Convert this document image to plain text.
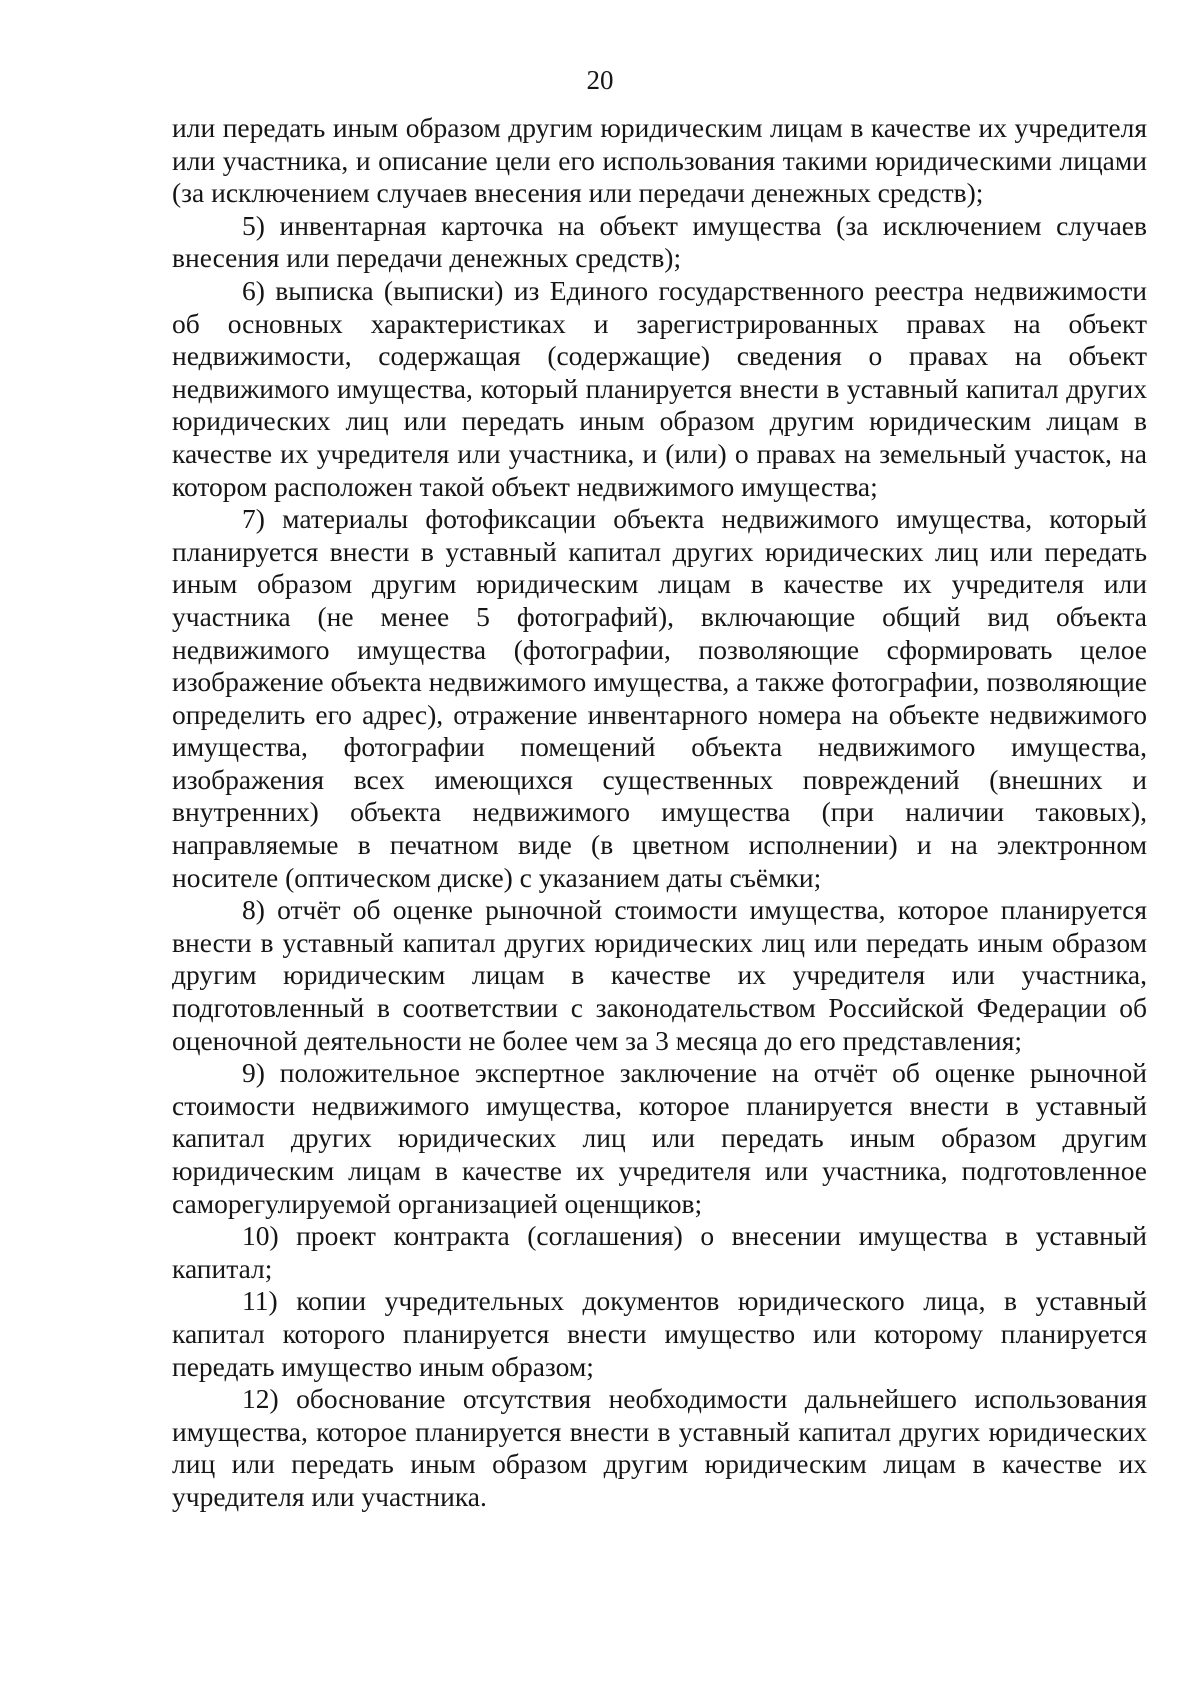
20

или передать иным образом другим юридическим лицам в качестве их учредителя или участника, и описание цели его использования такими юридическими лицами (за исключением случаев внесения или передачи денежных средств);

5) инвентарная карточка на объект имущества (за исключением случаев внесения или передачи денежных средств);

6) выписка (выписки) из Единого государственного реестра недвижимости об основных характеристиках и зарегистрированных правах на объект недвижимости, содержащая (содержащие) сведения о правах на объект недвижимого имущества, который планируется внести в уставный капитал других юридических лиц или передать иным образом другим юридическим лицам в качестве их учредителя или участника, и (или) о правах на земельный участок, на котором расположен такой объект недвижимого имущества;

7) материалы фотофиксации объекта недвижимого имущества, который планируется внести в уставный капитал других юридических лиц или передать иным образом другим юридическим лицам в качестве их учредителя или участника (не менее 5 фотографий), включающие общий вид объекта недвижимого имущества (фотографии, позволяющие сформировать целое изображение объекта недвижимого имущества, а также фотографии, позволяющие определить его адрес), отражение инвентарного номера на объекте недвижимого имущества, фотографии помещений объекта недвижимого имущества, изображения всех имеющихся существенных повреждений (внешних и внутренних) объекта недвижимого имущества (при наличии таковых), направляемые в печатном виде (в цветном исполнении) и на электронном носителе (оптическом диске) с указанием даты съёмки;

8) отчёт об оценке рыночной стоимости имущества, которое планируется внести в уставный капитал других юридических лиц или передать иным образом другим юридическим лицам в качестве их учредителя или участника, подготовленный в соответствии с законодательством Российской Федерации об оценочной деятельности не более чем за 3 месяца до его представления;

9) положительное экспертное заключение на отчёт об оценке рыночной стоимости недвижимого имущества, которое планируется внести в уставный капитал других юридических лиц или передать иным образом другим юридическим лицам в качестве их учредителя или участника, подготовленное саморегулируемой организацией оценщиков;

10) проект контракта (соглашения) о внесении имущества в уставный капитал;

11) копии учредительных документов юридического лица, в уставный капитал которого планируется внести имущество или которому планируется передать имущество иным образом;

12) обоснование отсутствия необходимости дальнейшего использования имущества, которое планируется внести в уставный капитал других юридических лиц или передать иным образом другим юридическим лицам в качестве их учредителя или участника.
